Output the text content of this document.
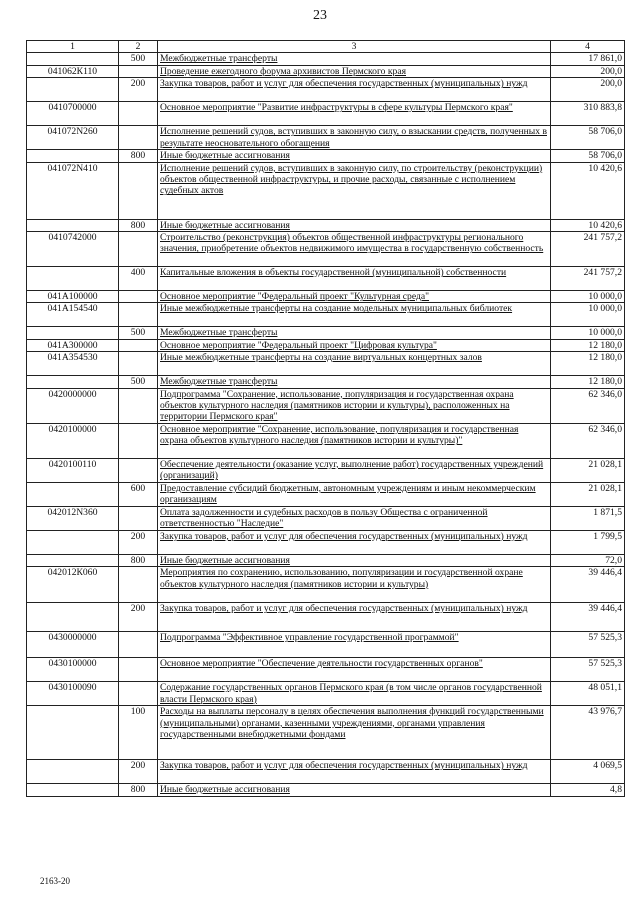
23
1	2	3	4
	500	Межбюджетные трансферты	17 861,0
041062К110		Проведение ежегодного форума архивистов Пермского края	200,0
	200	Закупка товаров, работ и услуг для обеспечения государственных (муниципальных) нужд	200,0
0410700000		Основное мероприятие "Развитие инфраструктуры в сфере культуры Пермского края"	310 883,8
041072N260		Исполнение решений судов, вступивших в законную силу, о взыскании средств, полученных в результате неосновательного обогащения	58 706,0
	800	Иные бюджетные ассигнования	58 706,0
041072N410		Исполнение решений судов, вступивших в законную силу, по строительству (реконструкции) объектов общественной инфраструктуры, и прочие расходы, связанные с исполнением судебных актов	10 420,6
	800	Иные бюджетные ассигнования	10 420,6
0410742000		Строительство (реконструкция) объектов общественной инфраструктуры регионального значения, приобретение объектов недвижимого имущества в государственную собственность	241 757,2
	400	Капитальные вложения в объекты государственной (муниципальной) собственности	241 757,2
041A100000		Основное мероприятие "Федеральный проект "Культурная среда"	10 000,0
041A154540		Иные межбюджетные трансферты на создание модельных муниципальных библиотек	10 000,0
	500	Межбюджетные трансферты	10 000,0
041A300000		Основное мероприятие "Федеральный проект "Цифровая культура"	12 180,0
041A354530		Иные межбюджетные трансферты на создание виртуальных концертных залов	12 180,0
	500	Межбюджетные трансферты	12 180,0
0420000000		Подпрограмма "Сохранение, использование, популяризация и государственная охрана объектов культурного наследия (памятников истории и культуры), расположенных на территории Пермского края"	62 346,0
0420100000		Основное мероприятие "Сохранение, использование, популяризация и государственная охрана объектов культурного наследия (памятников истории и культуры)"	62 346,0
0420100110		Обеспечение деятельности (оказание услуг, выполнение работ) государственных учреждений (организаций)	21 028,1
	600	Предоставление субсидий бюджетным, автономным учреждениям и иным некоммерческим организациям	21 028,1
042012N360		Оплата задолженности и судебных расходов в пользу Общества с ограниченной ответственностью "Наследие"	1 871,5
	200	Закупка товаров, работ и услуг для обеспечения государственных (муниципальных) нужд	1 799,5
	800	Иные бюджетные ассигнования	72,0
042012К060		Мероприятия по сохранению, использованию, популяризации и государственной охране объектов культурного наследия (памятников истории и культуры)	39 446,4
	200	Закупка товаров, работ и услуг для обеспечения государственных (муниципальных) нужд	39 446,4
0430000000		Подпрограмма "Эффективное управление государственной программой"	57 525,3
0430100000		Основное мероприятие "Обеспечение деятельности государственных органов"	57 525,3
0430100090		Содержание государственных органов Пермского края (в том числе органов государственной власти Пермского края)	48 051,1
	100	Расходы на выплаты персоналу в целях обеспечения выполнения функций государственными (муниципальными) органами, казенными учреждениями, органами управления государственными внебюджетными фондами	43 976,7
	200	Закупка товаров, работ и услуг для обеспечения государственных (муниципальных) нужд	4 069,5
	800	Иные бюджетные ассигнования	4,8
2163-20
